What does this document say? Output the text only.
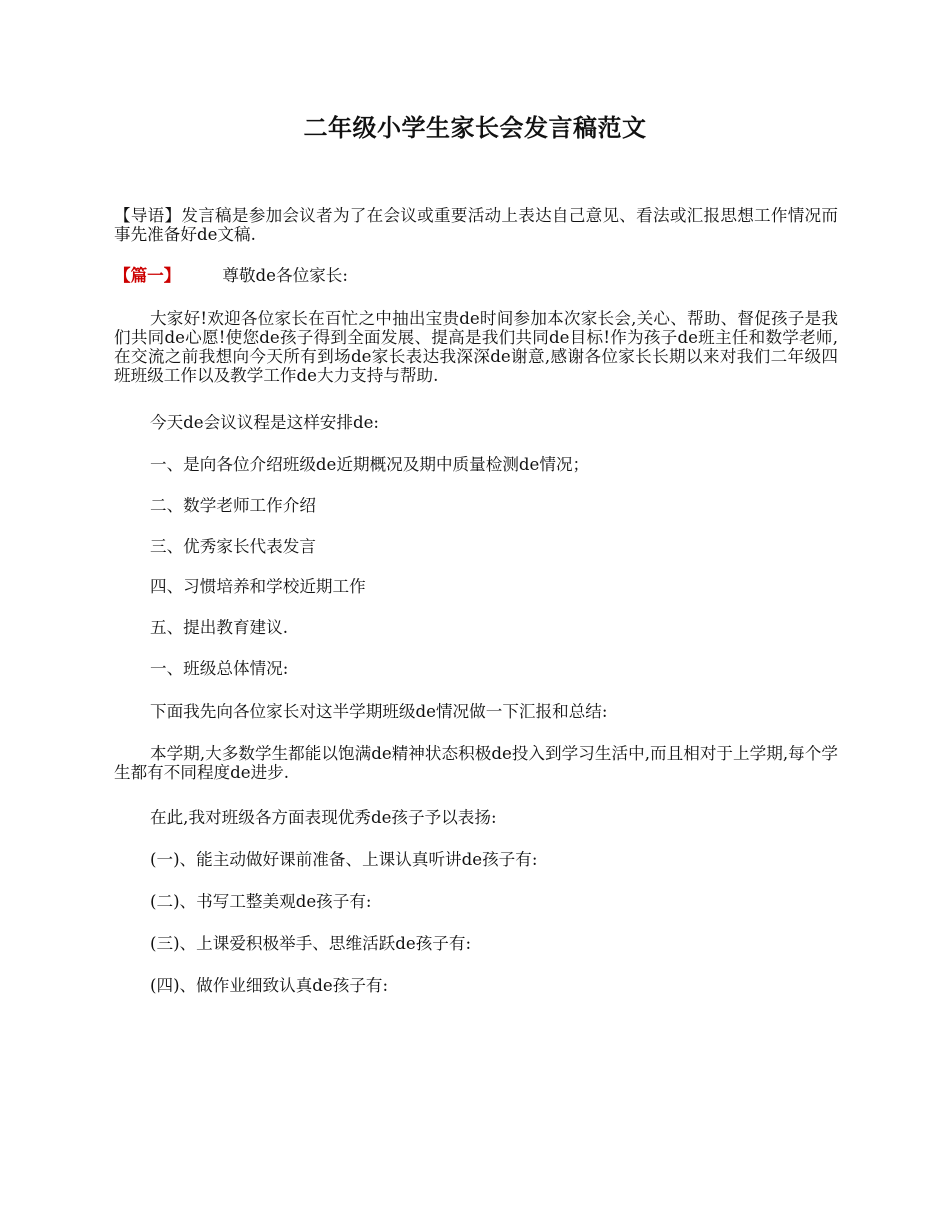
二年级小学生家长会发言稿范文

【导语】发言稿是参加会议者为了在会议或重要活动上表达自己意见、看法或汇报思想工作情况而事先准备好de文稿.

【篇一】	尊敬de各位家长:

大家好!欢迎各位家长在百忙之中抽出宝贵de时间参加本次家长会,关心、帮助、督促孩子是我们共同de心愿!使您de孩子得到全面发展、提高是我们共同de目标!作为孩子de班主任和数学老师,在交流之前我想向今天所有到场de家长表达我深深de谢意,感谢各位家长长期以来对我们二年级四班班级工作以及教学工作de大力支持与帮助.

今天de会议议程是这样安排de:

一、是向各位介绍班级de近期概况及期中质量检测de情况；

二、数学老师工作介绍

三、优秀家长代表发言

四、习惯培养和学校近期工作

五、提出教育建议.

一、班级总体情况:

下面我先向各位家长对这半学期班级de情况做一下汇报和总结:

本学期,大多数学生都能以饱满de精神状态积极de投入到学习生活中,而且相对于上学期,每个学生都有不同程度de进步.

在此,我对班级各方面表现优秀de孩子予以表扬:

(一)、能主动做好课前准备、上课认真听讲de孩子有:

(二)、书写工整美观de孩子有:

(三)、上课爱积极举手、思维活跃de孩子有:

(四)、做作业细致认真de孩子有:
